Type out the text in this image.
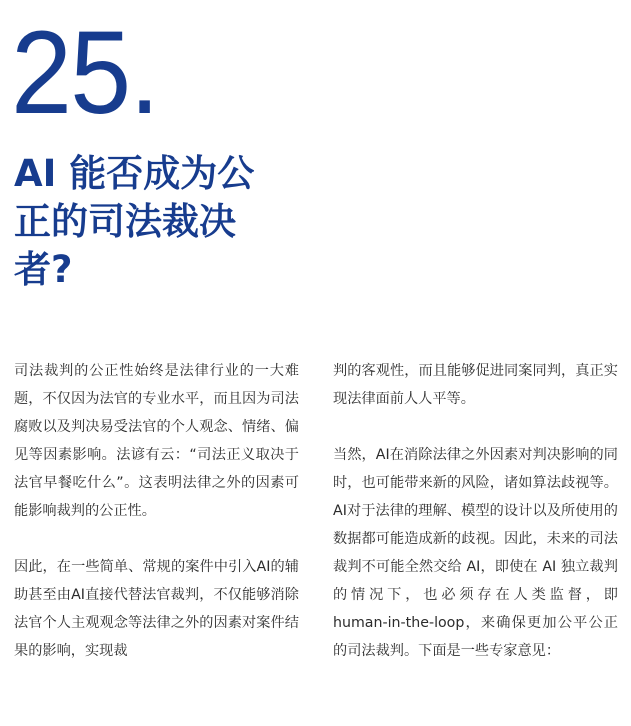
25.
AI 能否成为公
正的司法裁决
者?

司法裁判的公正性始终是法律行业的一大难题，不仅因为法官的专业水平，而且因为司法腐败以及判决易受法官的个人观念、情绪、偏见等因素影响。法谚有云：“司法正义取决于法官早餐吃什么”。这表明法律之外的因素可能影响裁判的公正性。

因此，在一些简单、常规的案件中引入AI的辅助甚至由AI直接代替法官裁判，不仅能够消除法官个人主观观念等法律之外的因素对案件结果的影响，实现裁

判的客观性，而且能够促进同案同判，真正实现法律面前人人平等。

当然，AI在消除法律之外因素对判决影响的同时，也可能带来新的风险，诸如算法歧视等。AI对于法律的理解、模型的设计以及所使用的数据都可能造成新的歧视。因此，未来的司法裁判不可能全然交给 AI，即使在 AI 独立裁判的情况下，也必须存在人类监督，即 human-in-the-loop，来确保更加公平公正的司法裁判。下面是一些专家意见：
